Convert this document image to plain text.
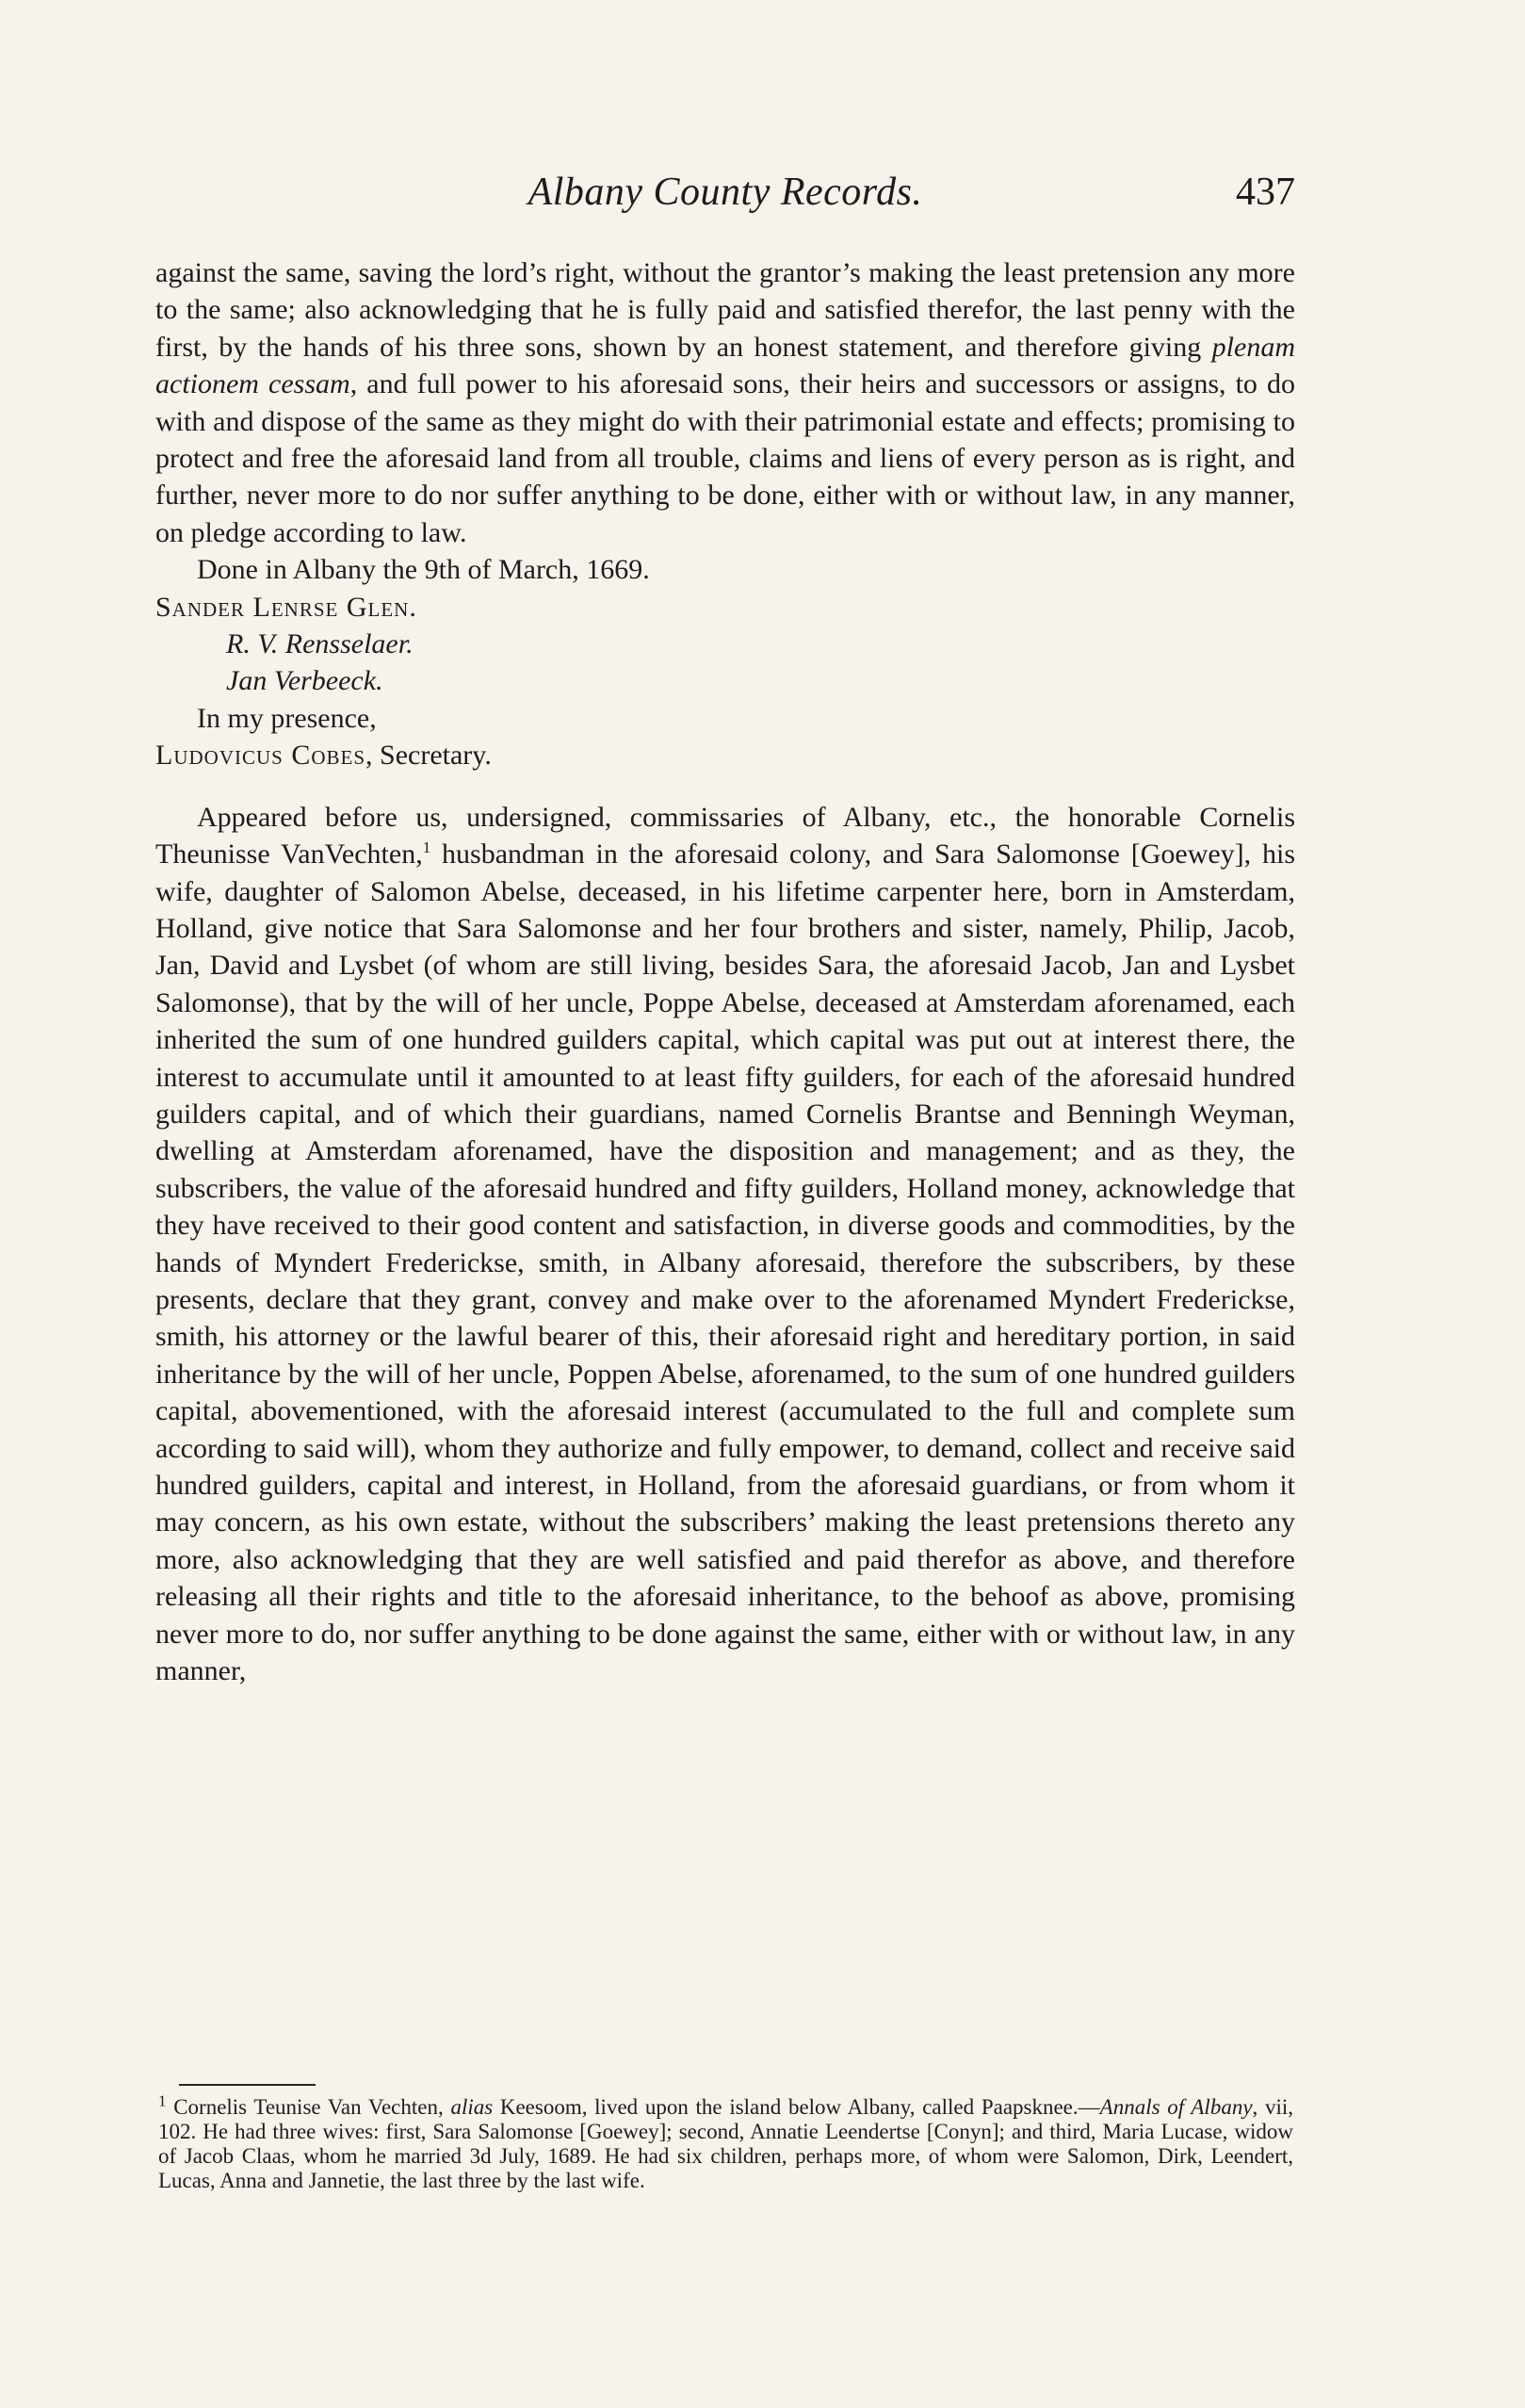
Albany County Records.	437

against the same, saving the lord’s right, without the grantor’s making the least pretension any more to the same; also acknowledging that he is fully paid and satisfied therefor, the last penny with the first, by the hands of his three sons, shown by an honest statement, and therefore giving plenam actionem cessam, and full power to his aforesaid sons, their heirs and successors or assigns, to do with and dispose of the same as they might do with their patrimonial estate and effects; promising to protect and free the aforesaid land from all trouble, claims and liens of every person as is right, and further, never more to do nor suffer anything to be done, either with or without law, in any manner, on pledge according to law.

Done in Albany the 9th of March, 1669.

Sander Lenrse Glen.

R. V. Rensselaer.

Jan Verbeeck.

In my presence,

Ludovicus Cobes, Secretary.

Appeared before us, undersigned, commissaries of Albany, etc., the honorable Cornelis Theunisse VanVechten,$^1$ husbandman in the aforesaid colony, and Sara Salomonse [Goewey], his wife, daughter of Salomon Abelse, deceased, in his lifetime carpenter here, born in Amsterdam, Holland, give notice that Sara Salomonse and her four brothers and sister, namely, Philip, Jacob, Jan, David and Lysbet (of whom are still living, besides Sara, the aforesaid Jacob, Jan and Lysbet Salomonse), that by the will of her uncle, Poppe Abelse, deceased at Amsterdam aforenamed, each inherited the sum of one hundred guilders capital, which capital was put out at interest there, the interest to accumulate until it amounted to at least fifty guilders, for each of the aforesaid hundred guilders capital, and of which their guardians, named Cornelis Brantse and Benningh Weyman, dwelling at Amsterdam aforenamed, have the disposition and management; and as they, the subscribers, the value of the aforesaid hundred and fifty guilders, Holland money, acknowledge that they have received to their good content and satisfaction, in diverse goods and commodities, by the hands of Myndert Frederickse, smith, in Albany aforesaid, therefore the subscribers, by these presents, declare that they grant, convey and make over to the aforenamed Myndert Frederickse, smith, his attorney or the lawful bearer of this, their aforesaid right and hereditary portion, in said inheritance by the will of her uncle, Poppen Abelse, aforenamed, to the sum of one hundred guilders capital, abovementioned, with the aforesaid interest (accumulated to the full and complete sum according to said will), whom they authorize and fully empower, to demand, collect and receive said hundred guilders, capital and interest, in Holland, from the aforesaid guardians, or from whom it may concern, as his own estate, without the subscribers’ making the least pretensions thereto any more, also acknowledging that they are well satisfied and paid therefor as above, and therefore releasing all their rights and title to the aforesaid inheritance, to the behoof as above, promising never more to do, nor suffer anything to be done against the same, either with or without law, in any manner,

$^1$ Cornelis Teunise Van Vechten, alias Keesoom, lived upon the island below Albany, called Paapsknee.—Annals of Albany, vii, 102. He had three wives: first, Sara Salomonse [Goewey]; second, Annatie Leendertse [Conyn]; and third, Maria Lucase, widow of Jacob Claas, whom he married 3d July, 1689. He had six children, perhaps more, of whom were Salomon, Dirk, Leendert, Lucas, Anna and Jannetie, the last three by the last wife.
